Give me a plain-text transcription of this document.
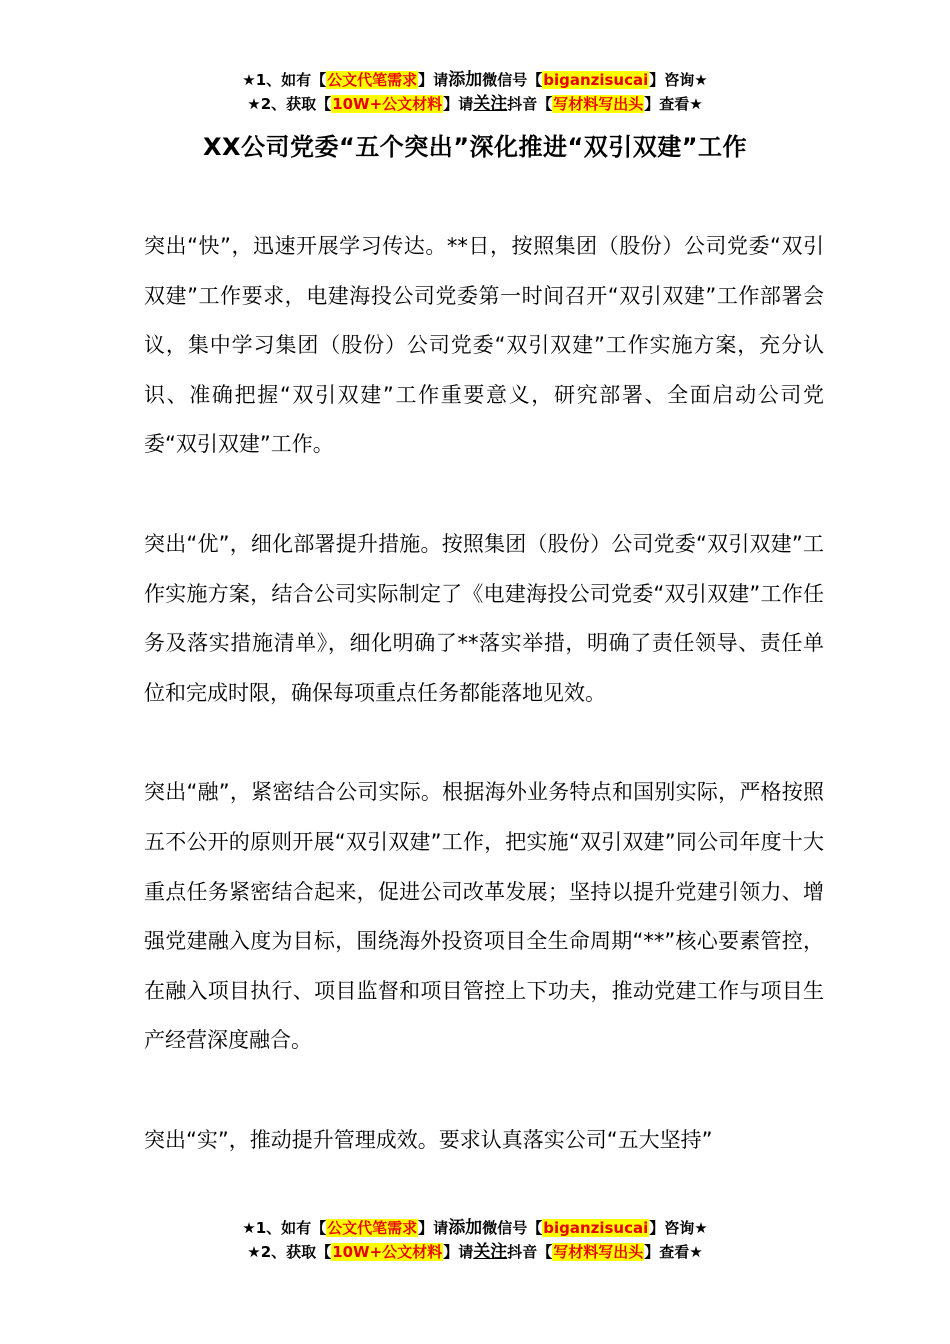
★1、如有【公文代笔需求】请添加微信号【biganzisucai】咨询★
★2、获取【10W+公文材料】请关注抖音【写材料写出头】查看★
XX公司党委“五个突出”深化推进“双引双建”工作

突出“快”，迅速开展学习传达。**日，按照集团（股份）公司党委“双引双建”工作要求，电建海投公司党委第一时间召开“双引双建”工作部署会议，集中学习集团（股份）公司党委“双引双建”工作实施方案，充分认识、准确把握“双引双建”工作重要意义，研究部署、全面启动公司党委“双引双建”工作。

突出“优”，细化部署提升措施。按照集团（股份）公司党委“双引双建”工作实施方案，结合公司实际制定了《电建海投公司党委“双引双建”工作任务及落实措施清单》，细化明确了**落实举措，明确了责任领导、责任单位和完成时限，确保每项重点任务都能落地见效。

突出“融”，紧密结合公司实际。根据海外业务特点和国别实际，严格按照五不公开的原则开展“双引双建”工作，把实施“双引双建”同公司年度十大重点任务紧密结合起来，促进公司改革发展；坚持以提升党建引领力、增强党建融入度为目标，围绕海外投资项目全生命周期“**”核心要素管控，在融入项目执行、项目监督和项目管控上下功夫，推动党建工作与项目生产经营深度融合。

突出“实”，推动提升管理成效。要求认真落实公司“五大坚持”

★1、如有【公文代笔需求】请添加微信号【biganzisucai】咨询★
★2、获取【10W+公文材料】请关注抖音【写材料写出头】查看★
